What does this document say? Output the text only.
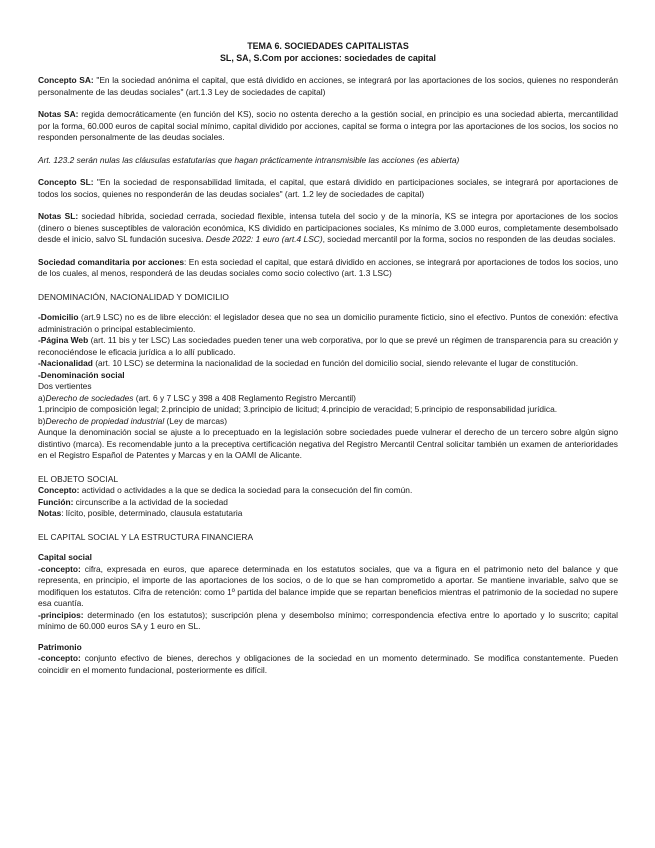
TEMA 6. SOCIEDADES CAPITALISTAS
SL, SA, S.Com por acciones: sociedades de capital

Concepto SA: "En la sociedad anónima el capital, que está dividido en acciones, se integrará por las aportaciones de los socios, quienes no responderán personalmente de las deudas sociales" (art.1.3 Ley de sociedades de capital)

Notas SA: regida democráticamente (en función del KS), socio no ostenta derecho a la gestión social, en principio es una sociedad abierta, mercantilidad por la forma, 60.000 euros de capital social mínimo, capital dividido por acciones, capital se forma o integra por las aportaciones de los socios, los socios no responden personalmente de las deudas sociales.

Art. 123.2 serán nulas las cláusulas estatutarias que hagan prácticamente intransmisible las acciones (es abierta)

Concepto SL: "En la sociedad de responsabilidad limitada, el capital, que estará dividido en participaciones sociales, se integrará por aportaciones de todos los socios, quienes no responderán de las deudas sociales" (art. 1.2 ley de sociedades de capital)

Notas SL: sociedad híbrida, sociedad cerrada, sociedad flexible, intensa tutela del socio y de la minoría, KS se integra por aportaciones de los socios (dinero o bienes susceptibles de valoración económica, KS dividido en participaciones sociales, Ks mínimo de 3.000 euros, completamente desembolsado desde el inicio, salvo SL fundación sucesiva. Desde 2022: 1 euro (art.4 LSC), sociedad mercantil por la forma, socios no responden de las deudas sociales.

Sociedad comanditaria por acciones: En esta sociedad el capital, que estará dividido en acciones, se integrará por aportaciones de todos los socios, uno de los cuales, al menos, responderá de las deudas sociales como socio colectivo (art. 1.3 LSC)

DENOMINACIÓN, NACIONALIDAD Y DOMICILIO

-Domicilio (art.9 LSC) no es de libre elección: el legislador desea que no sea un domicilio puramente ficticio, sino el efectivo. Puntos de conexión: efectiva administración o principal establecimiento.

-Página Web (art. 11 bis y ter LSC) Las sociedades pueden tener una web corporativa, por lo que se prevé un régimen de transparencia para su creación y reconociéndose le eficacia jurídica a lo allí publicado.

-Nacionalidad (art. 10 LSC) se determina la nacionalidad de la sociedad en función del domicilio social, siendo relevante el lugar de constitución.

-Denominación social

Dos vertientes

a)Derecho de sociedades (art. 6 y 7 LSC y 398 a 408 Reglamento Registro Mercantil)

1.principio de composición legal; 2.principio de unidad; 3.principio de licitud; 4.principio de veracidad; 5.principio de responsabilidad jurídica.

b)Derecho de propiedad industrial (Ley de marcas)

Aunque la denominación social se ajuste a lo preceptuado en la legislación sobre sociedades puede vulnerar el derecho de un tercero sobre algún signo distintivo (marca). Es recomendable junto a la preceptiva certificación negativa del Registro Mercantil Central solicitar también un examen de anterioridades en el Registro Español de Patentes y Marcas y en la OAMI de Alicante.

EL OBJETO SOCIAL

Concepto: actividad o actividades a la que se dedica la sociedad para la consecución del fin común.

Función: circunscribe a la actividad de la sociedad

Notas: lícito, posible, determinado, clausula estatutaria

EL CAPITAL SOCIAL Y LA ESTRUCTURA FINANCIERA

Capital social

-concepto: cifra, expresada en euros, que aparece determinada en los estatutos sociales, que va a figura en el patrimonio neto del balance y que representa, en principio, el importe de las aportaciones de los socios, o de lo que se han comprometido a aportar. Se mantiene invariable, salvo que se modifiquen los estatutos. Cifra de retención: como 1º partida del balance impide que se repartan beneficios mientras el patrimonio de la sociedad no supere esa cuantía.

-principios: determinado (en los estatutos); suscripción plena y desembolso mínimo; correspondencia efectiva entre lo aportado y lo suscrito; capital mínimo de 60.000 euros SA y 1 euro en SL.

Patrimonio

-concepto: conjunto efectivo de bienes, derechos y obligaciones de la sociedad en un momento determinado. Se modifica constantemente. Pueden coincidir en el momento fundacional, posteriormente es difícil.
